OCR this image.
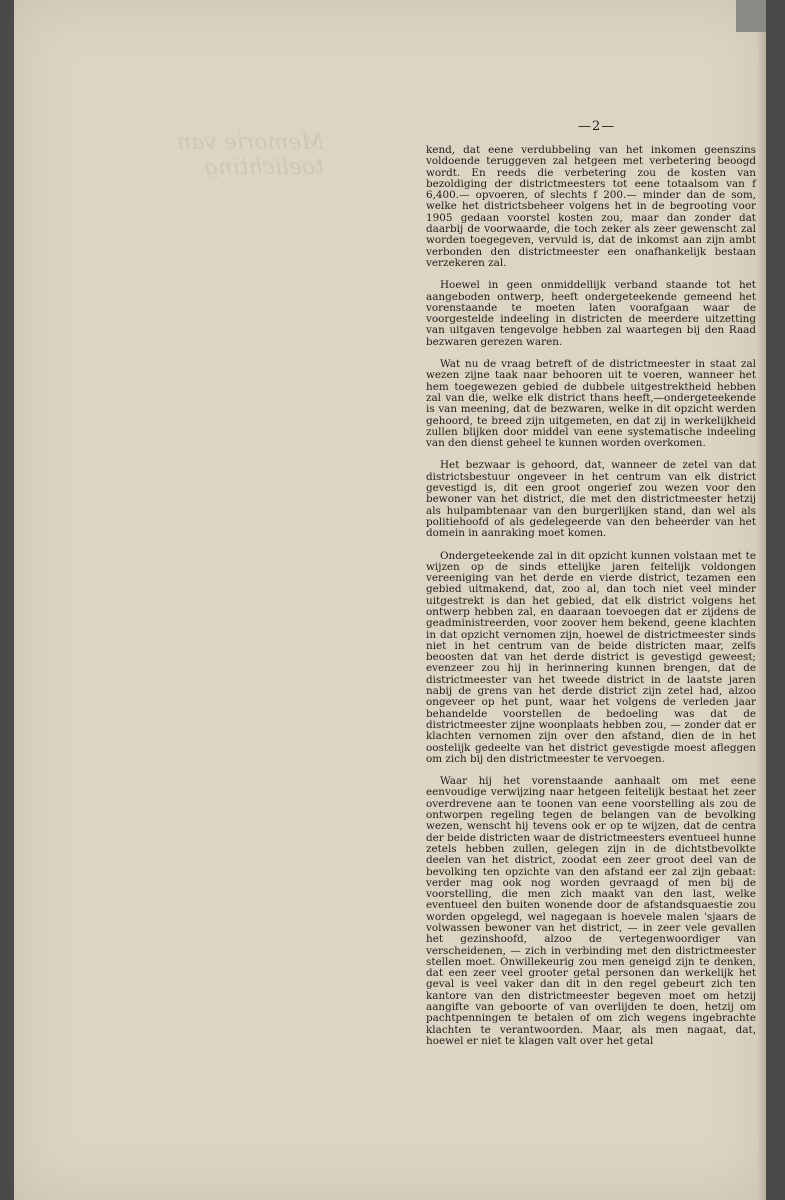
Memorie van toelichting
—2—

kend, dat eene verdubbeling van het inkomen geenszins voldoende teruggeven zal hetgeen met verbetering beoogd wordt. En reeds die verbetering zou de kosten van bezoldiging der districtmeesters tot eene totaalsom van f 6,400.— opvoeren, of slechts f 200.— minder dan de som, welke het districtsbeheer volgens het in de begrooting voor 1905 gedaan voorstel kosten zou, maar dan zonder dat daarbij de voorwaarde, die toch zeker als zeer gewenscht zal worden toegegeven, vervuld is, dat de inkomst aan zijn ambt verbonden den districtmeester een onafhankelijk bestaan verzekeren zal.

Hoewel in geen onmiddellijk verband staande tot het aangeboden ontwerp, heeft ondergeteekende gemeend het vorenstaande te moeten laten voorafgaan waar de voorgestelde indeeling in districten de meerdere uitzetting van uitgaven tengevolge hebben zal waartegen bij den Raad bezwaren gerezen waren.

Wat nu de vraag betreft of de districtmeester in staat zal wezen zijne taak naar behooren uit te voeren, wanneer het hem toegewezen gebied de dubbele uitgestrektheid hebben zal van die, welke elk district thans heeft,—ondergeteekende is van meening, dat de bezwaren, welke in dit opzicht werden gehoord, te breed zijn uitgemeten, en dat zij in werkelijkheid zullen blijken door middel van eene systematische indeeling van den dienst geheel te kunnen worden overkomen.

Het bezwaar is gehoord, dat, wanneer de zetel van dat districtsbestuur ongeveer in het centrum van elk district gevestigd is, dit een groot ongerief zou wezen voor den bewoner van het district, die met den districtmeester hetzij als hulpambtenaar van den burgerlijken stand, dan wel als politiehoofd of als gedelegeerde van den beheerder van het domein in aanraking moet komen.

Ondergeteekende zal in dit opzicht kunnen volstaan met te wijzen op de sinds ettelijke jaren feitelijk voldongen vereeniging van het derde en vierde district, tezamen een gebied uitmakend, dat, zoo al, dan toch niet veel minder uitgestrekt is dan het gebied, dat elk district volgens het ontwerp hebben zal, en daaraan toevoegen dat er zijdens de geadministreerden, voor zoover hem bekend, geene klachten in dat opzicht vernomen zijn, hoewel de districtmeester sinds niet in het centrum van de beide districten maar, zelfs beoosten dat van het derde district is gevestigd geweest; evenzeer zou hij in herinnering kunnen brengen, dat de districtmeester van het tweede district in de laatste jaren nabij de grens van het derde district zijn zetel had, alzoo ongeveer op het punt, waar het volgens de verleden jaar behandelde voorstellen de bedoeling was dat de districtmeester zijne woonplaats hebben zou, — zonder dat er klachten vernomen zijn over den afstand, dien de in het oostelijk gedeelte van het district gevestigde moest afleggen om zich bij den districtmeester te vervoegen.

Waar hij het vorenstaande aanhaalt om met eene eenvoudige verwijzing naar hetgeen feitelijk bestaat het zeer overdrevene aan te toonen van eene voorstelling als zou de ontworpen regeling tegen de belangen van de bevolking wezen, wenscht hij tevens ook er op te wijzen, dat de centra der beide districten waar de districtmeesters eventueel hunne zetels hebben zullen, gelegen zijn in de dichtstbevolkte deelen van het district, zoodat een zeer groot deel van de bevolking ten opzichte van den afstand eer zal zijn gebaat: verder mag ook nog worden gevraagd of men bij de voorstelling, die men zich maakt van den last, welke eventueel den buiten wonende door de afstandsquaestie zou worden opgelegd, wel nagegaan is hoevele malen 'sjaars de volwassen bewoner van het district, — in zeer vele gevallen het gezinshoofd, alzoo de vertegenwoordiger van verscheidenen, — zich in verbinding met den districtmeester stellen moet. Onwillekeurig zou men geneigd zijn te denken, dat een zeer veel grooter getal personen dan werkelijk het geval is veel vaker dan dit in den regel gebeurt zich ten kantore van den districtmeester begeven moet om hetzij aangifte van geboorte of van overlijden te doen, hetzij om pachtpenningen te betalen of om zich wegens ingebrachte klachten te verantwoorden. Maar, als men nagaat, dat, hoewel er niet te klagen valt over het getal
